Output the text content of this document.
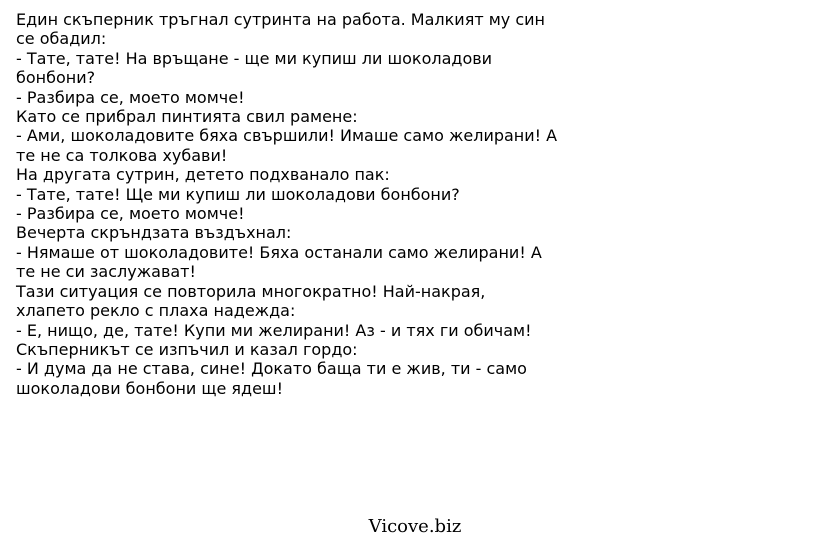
Един скъперник тръгнал сутринта на работа. Малкият му син
се обадил:
- Тате, тате! На връщане - ще ми купиш ли шоколадови
бонбони?
- Разбира се, моето момче!
Като се прибрал пинтията свил рамене:
- Ами, шоколадовите бяха свършили! Имаше само желирани! А
те не са толкова хубави!
На другата сутрин, детето подхванало пак:
- Тате, тате! Ще ми купиш ли шоколадови бонбони?
- Разбира се, моето момче!
Вечерта скръндзата въздъхнал:
- Нямаше от шоколадовите! Бяха останали само желирани! А
те не си заслужават!
Тази ситуация се повторила многократно! Най-накрая,
хлапето рекло с плаха надежда:
- Е, нищо, де, тате! Купи ми желирани! Аз - и тях ги обичам!
Скъперникът се изпъчил и казал гордо:
- И дума да не става, сине! Докато баща ти е жив, ти - само
шоколадови бонбони ще ядеш!
Vicove.biz
